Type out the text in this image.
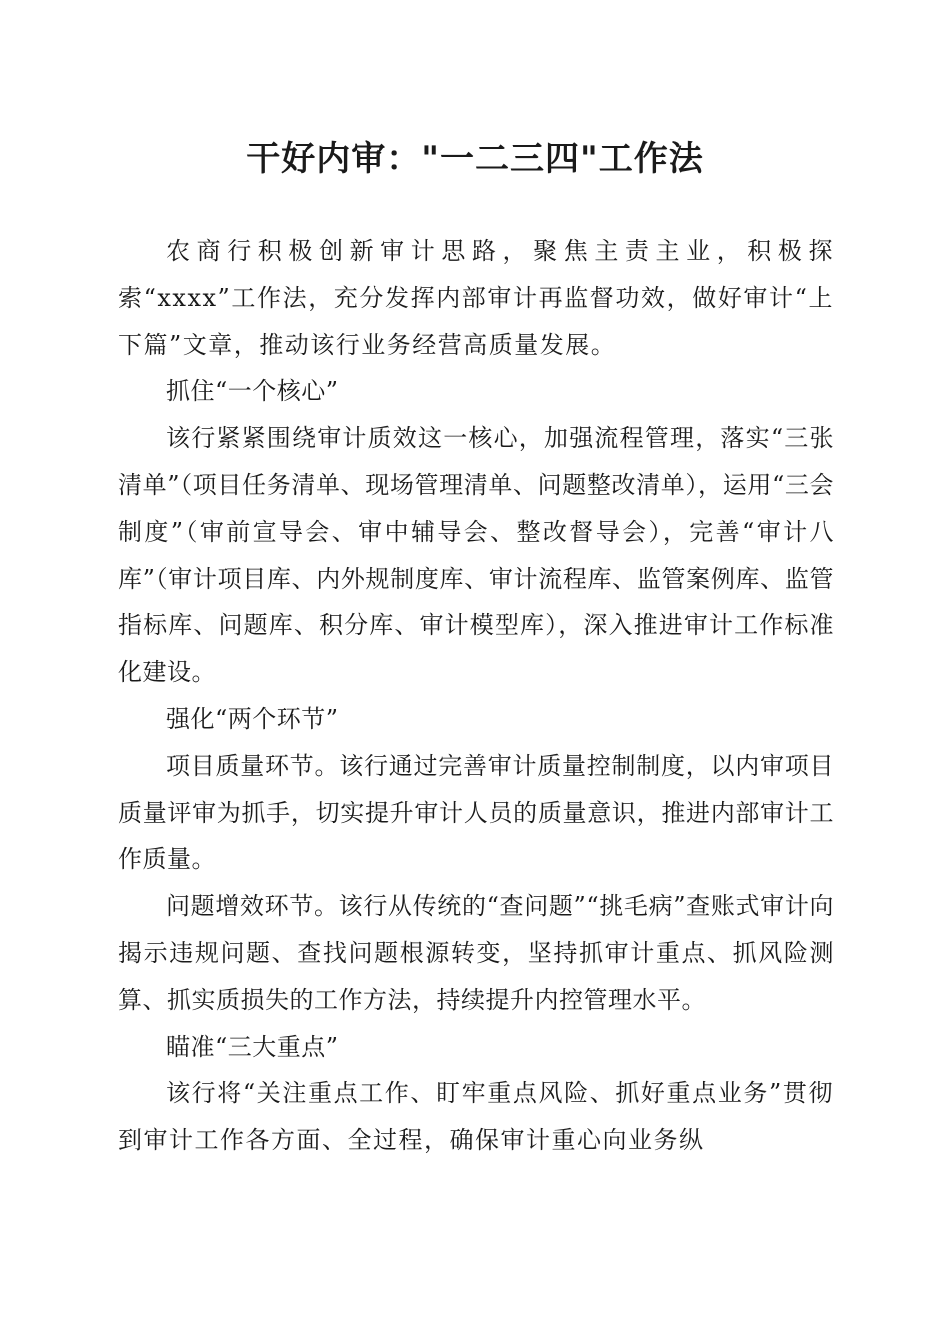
干好内审："一二三四"工作法

农商行积极创新审计思路，聚焦主责主业，积极探索“xxxx”工作法，充分发挥内部审计再监督功效，做好审计“上下篇”文章，推动该行业务经营高质量发展。

抓住“一个核心”

该行紧紧围绕审计质效这一核心，加强流程管理，落实“三张清单”（项目任务清单、现场管理清单、问题整改清单），运用“三会制度”（审前宣导会、审中辅导会、整改督导会），完善“审计八库”（审计项目库、内外规制度库、审计流程库、监管案例库、监管指标库、问题库、积分库、审计模型库），深入推进审计工作标准化建设。

强化“两个环节”

项目质量环节。该行通过完善审计质量控制制度，以内审项目质量评审为抓手，切实提升审计人员的质量意识，推进内部审计工作质量。

问题增效环节。该行从传统的“查问题”“挑毛病”查账式审计向揭示违规问题、查找问题根源转变，坚持抓审计重点、抓风险测算、抓实质损失的工作方法，持续提升内控管理水平。

瞄准“三大重点”

该行将“关注重点工作、盯牢重点风险、抓好重点业务”贯彻到审计工作各方面、全过程，确保审计重心向业务纵
